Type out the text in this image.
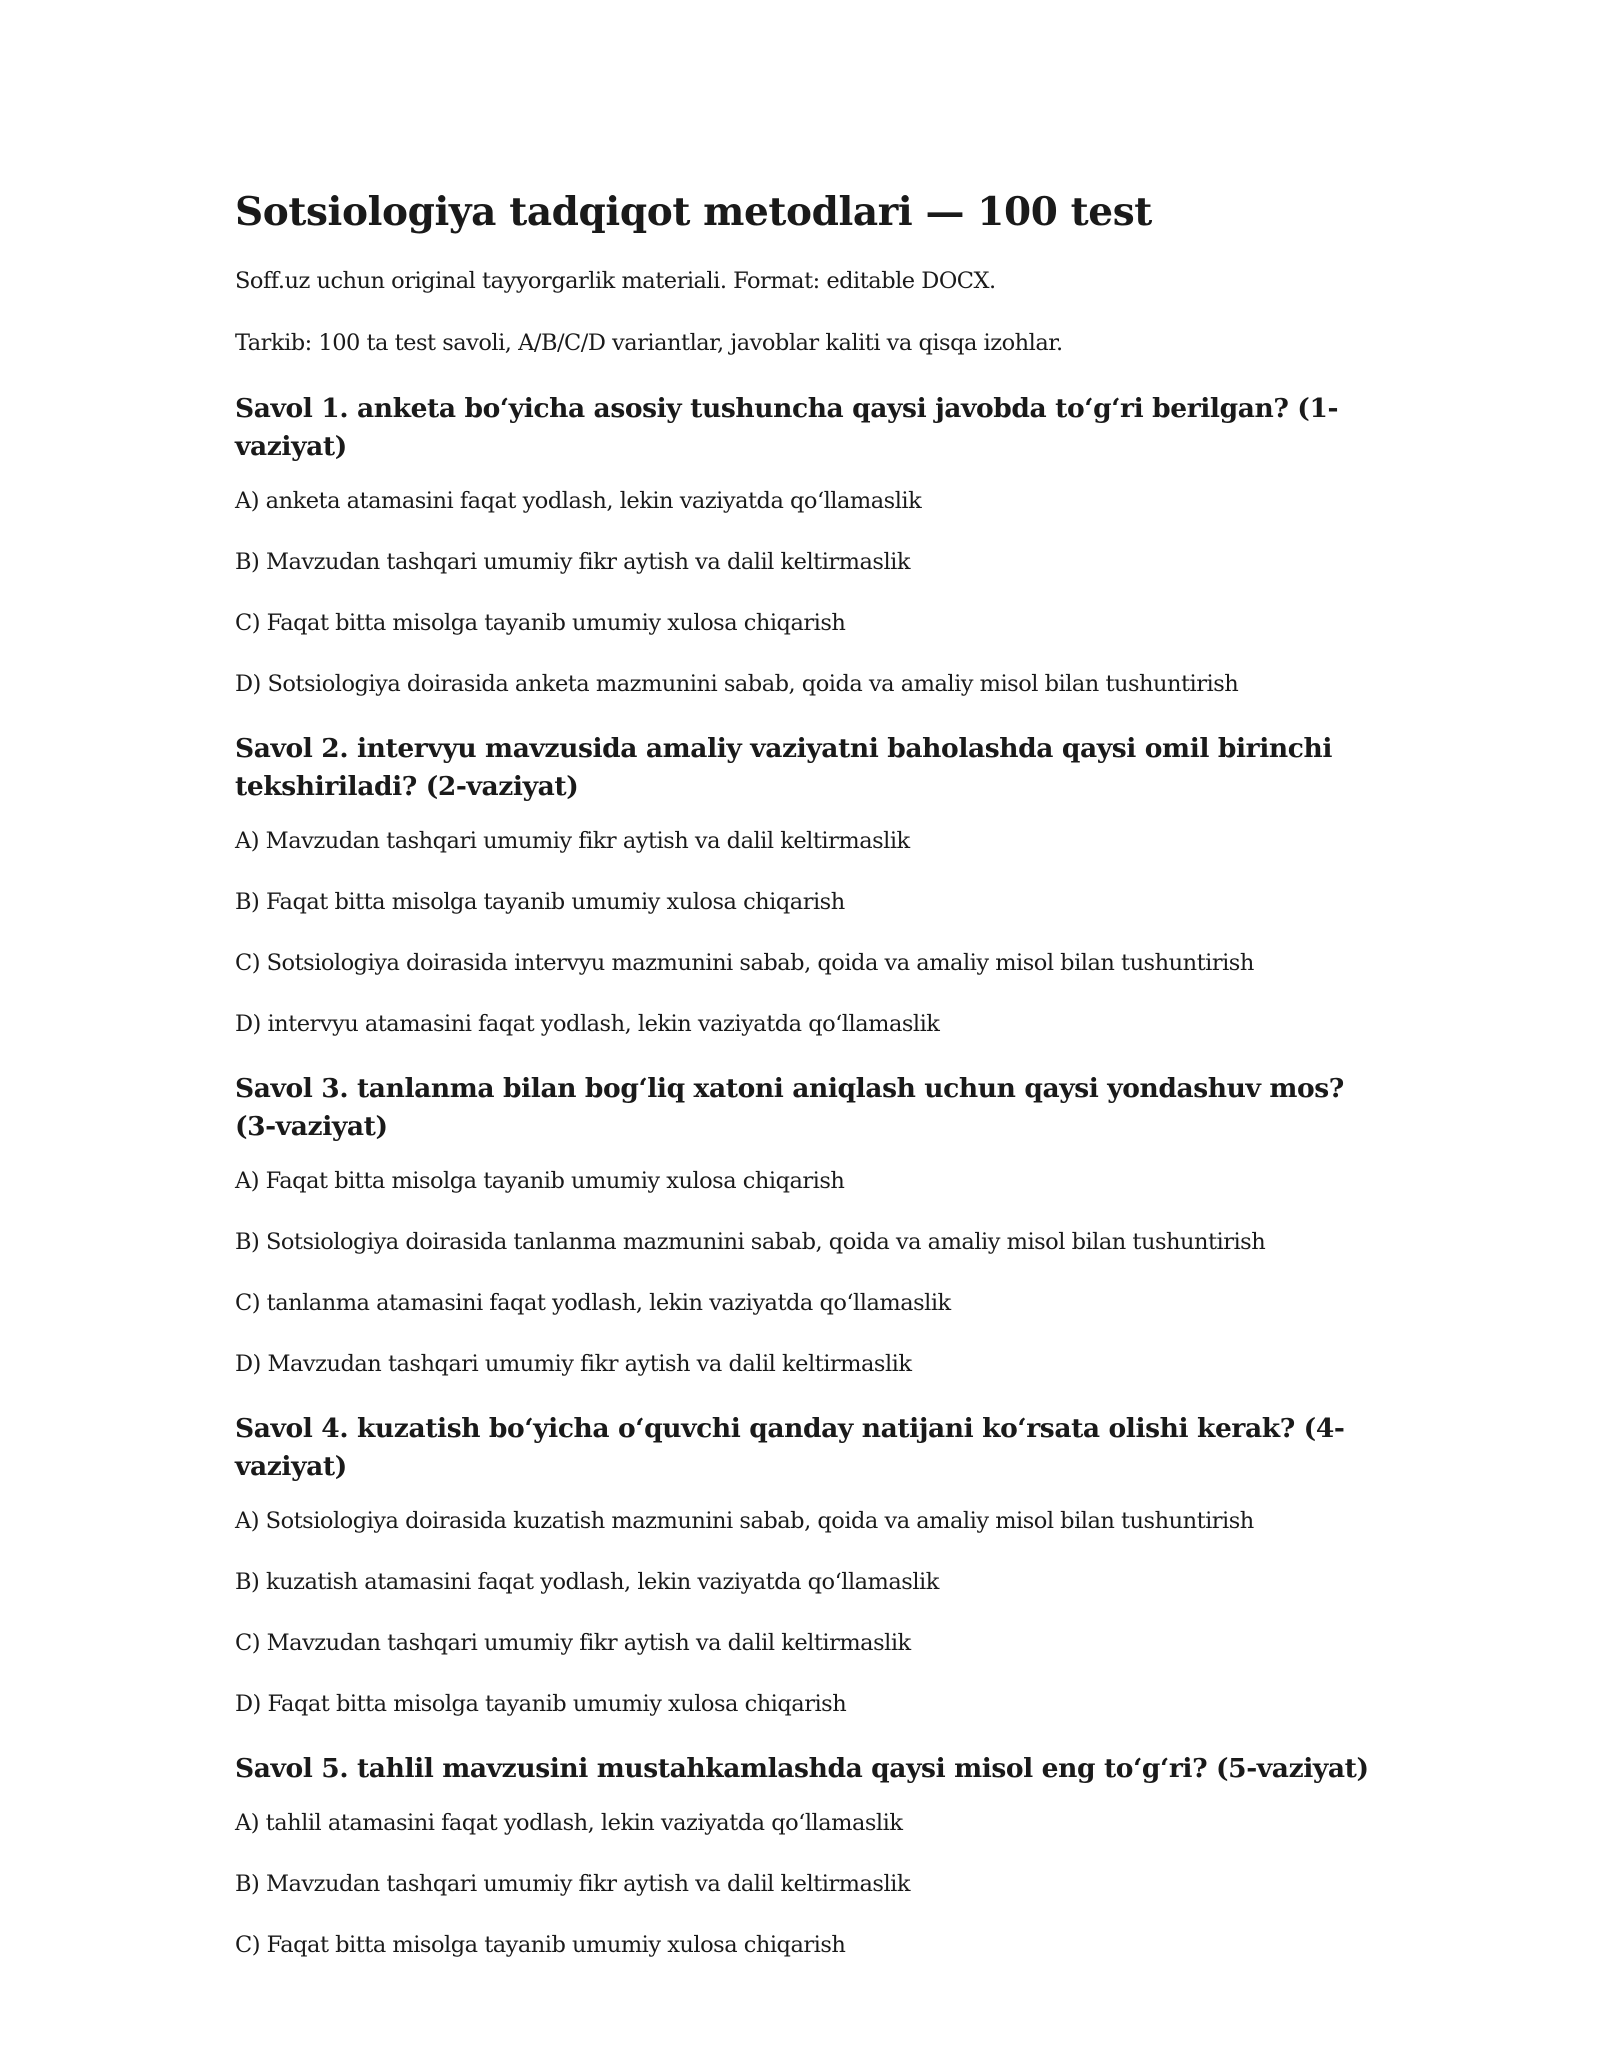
Sotsiologiya tadqiqot metodlari — 100 test

Soff.uz uchun original tayyorgarlik materiali. Format: editable DOCX.

Tarkib: 100 ta test savoli, A/B/C/D variantlar, javoblar kaliti va qisqa izohlar.

Savol 1. anketa bo‘yicha asosiy tushuncha qaysi javobda to‘g‘ri berilgan? (1-vaziyat)

A) anketa atamasini faqat yodlash, lekin vaziyatda qo‘llamaslik

B) Mavzudan tashqari umumiy fikr aytish va dalil keltirmaslik

C) Faqat bitta misolga tayanib umumiy xulosa chiqarish

D) Sotsiologiya doirasida anketa mazmunini sabab, qoida va amaliy misol bilan tushuntirish

Savol 2. intervyu mavzusida amaliy vaziyatni baholashda qaysi omil birinchi tekshiriladi? (2-vaziyat)

A) Mavzudan tashqari umumiy fikr aytish va dalil keltirmaslik

B) Faqat bitta misolga tayanib umumiy xulosa chiqarish

C) Sotsiologiya doirasida intervyu mazmunini sabab, qoida va amaliy misol bilan tushuntirish

D) intervyu atamasini faqat yodlash, lekin vaziyatda qo‘llamaslik

Savol 3. tanlanma bilan bog‘liq xatoni aniqlash uchun qaysi yondashuv mos? (3-vaziyat)

A) Faqat bitta misolga tayanib umumiy xulosa chiqarish

B) Sotsiologiya doirasida tanlanma mazmunini sabab, qoida va amaliy misol bilan tushuntirish

C) tanlanma atamasini faqat yodlash, lekin vaziyatda qo‘llamaslik

D) Mavzudan tashqari umumiy fikr aytish va dalil keltirmaslik

Savol 4. kuzatish bo‘yicha o‘quvchi qanday natijani ko‘rsata olishi kerak? (4-vaziyat)

A) Sotsiologiya doirasida kuzatish mazmunini sabab, qoida va amaliy misol bilan tushuntirish

B) kuzatish atamasini faqat yodlash, lekin vaziyatda qo‘llamaslik

C) Mavzudan tashqari umumiy fikr aytish va dalil keltirmaslik

D) Faqat bitta misolga tayanib umumiy xulosa chiqarish

Savol 5. tahlil mavzusini mustahkamlashda qaysi misol eng to‘g‘ri? (5-vaziyat)

A) tahlil atamasini faqat yodlash, lekin vaziyatda qo‘llamaslik

B) Mavzudan tashqari umumiy fikr aytish va dalil keltirmaslik

C) Faqat bitta misolga tayanib umumiy xulosa chiqarish
